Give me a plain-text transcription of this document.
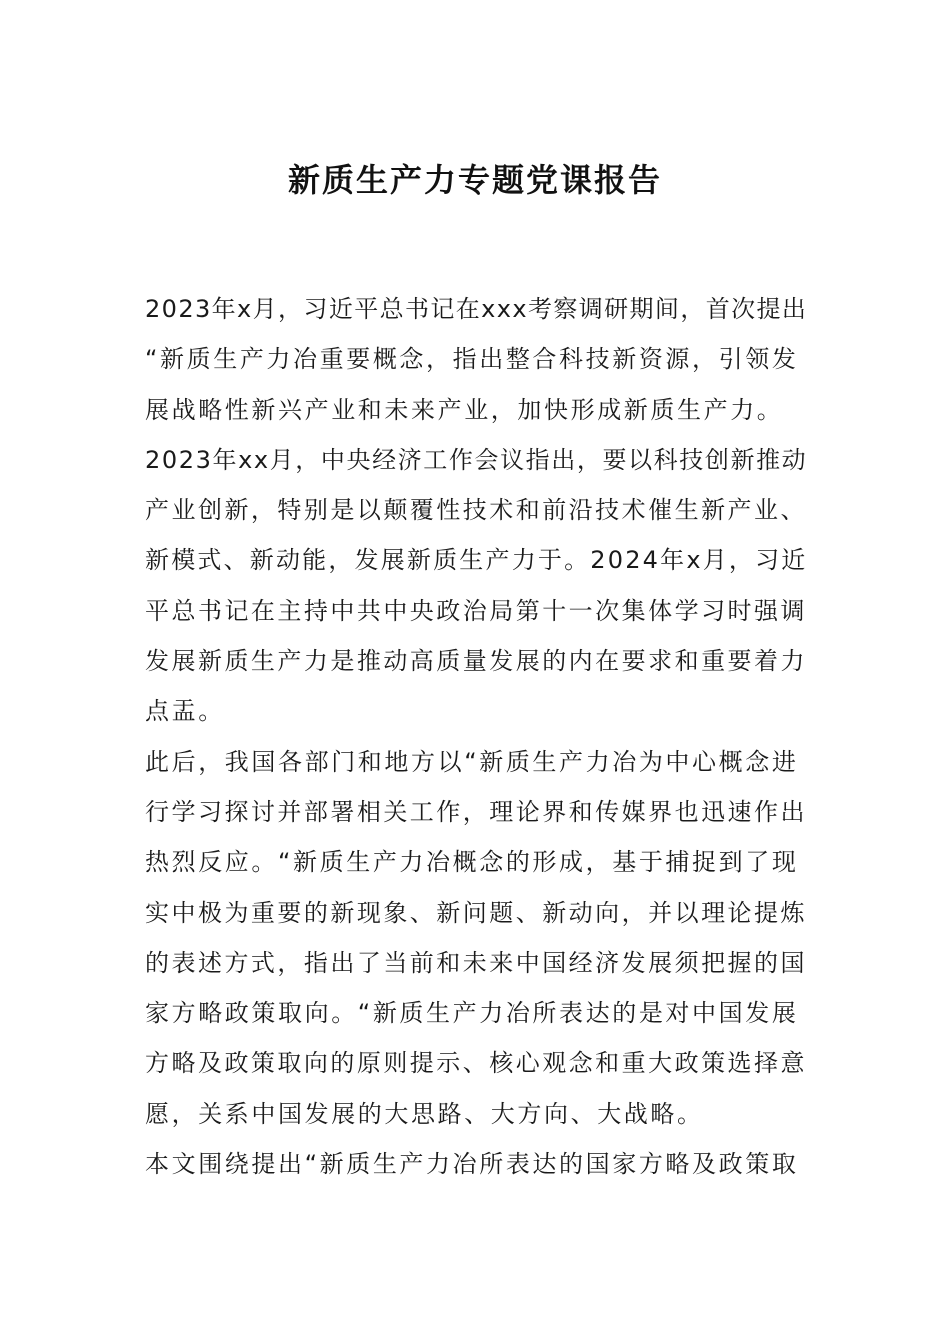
新质生产力专题党课报告

2023年x月，习近平总书记在xxx考察调研期间，首次提出
“新质生产力冶重要概念，指出整合科技新资源，引领发
展战略性新兴产业和未来产业，加快形成新质生产力。
2023年xx月，中央经济工作会议指出，要以科技创新推动
产业创新，特别是以颠覆性技术和前沿技术催生新产业、
新模式、新动能，发展新质生产力于。2024年x月，习近
平总书记在主持中共中央政治局第十一次集体学习时强调
发展新质生产力是推动高质量发展的内在要求和重要着力
点盂。

此后，我国各部门和地方以“新质生产力冶为中心概念进
行学习探讨并部署相关工作，理论界和传媒界也迅速作出
热烈反应。“新质生产力冶概念的形成，基于捕捉到了现
实中极为重要的新现象、新问题、新动向，并以理论提炼
的表述方式，指出了当前和未来中国经济发展须把握的国
家方略政策取向。“新质生产力冶所表达的是对中国发展
方略及政策取向的原则提示、核心观念和重大政策选择意
愿，关系中国发展的大思路、大方向、大战略。

本文围绕提出“新质生产力冶所表达的国家方略及政策取
